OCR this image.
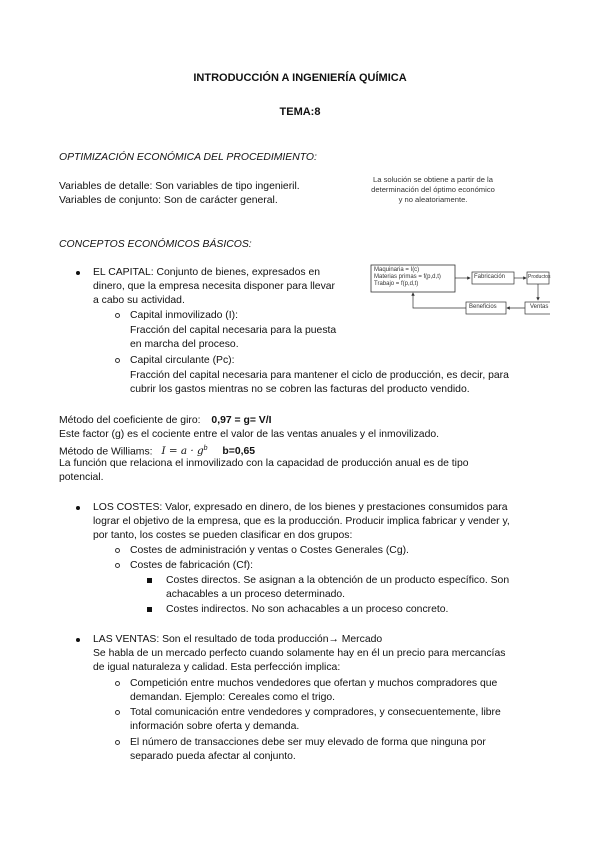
INTRODUCCIÓN A INGENIERÍA QUÍMICA
TEMA:8
OPTIMIZACIÓN ECONÓMICA DEL PROCEDIMIENTO:
Variables de detalle: Son variables de tipo ingenieril.
Variables de conjunto: Son de carácter general.
La solución se obtiene a partir de la
determinación del óptimo económico
y no aleatoriamente.
CONCEPTOS ECONÓMICOS BÁSICOS:
EL CAPITAL: Conjunto de bienes, expresados en
dinero, que la empresa necesita disponer para llevar
a cabo su actividad.
Capital inmovilizado (I):
Fracción del capital necesaria para la puesta
en marcha del proceso.
Capital circulante (Pc):
Fracción del capital necesaria para mantener el ciclo de producción, es decir, para
cubrir los gastos mientras no se cobren las facturas del producto vendido.
Maquinaria = I(c)
Materias primas = f(p,d,t)
Trabajo = f(p,d,t)
Fabricación	Productos
Beneficios	Ventas
Método del coeficiente de giro: 0,97 = g= V/I
Este factor (g) es el cociente entre el valor de las ventas anuales y el inmovilizado.
Método de Williams: $I = a \cdot g^b$ b=0,65
La función que relaciona el inmovilizado con la capacidad de producción anual es de tipo
potencial.
LOS COSTES: Valor, expresado en dinero, de los bienes y prestaciones consumidos para
lograr el objetivo de la empresa, que es la producción. Producir implica fabricar y vender y,
por tanto, los costes se pueden clasificar en dos grupos:
Costes de administración y ventas o Costes Generales (Cg).
Costes de fabricación (Cf):
Costes directos. Se asignan a la obtención de un producto específico. Son
achacables a un proceso determinado.
Costes indirectos. No son achacables a un proceso concreto.
LAS VENTAS: Son el resultado de toda producción→ Mercado
Se habla de un mercado perfecto cuando solamente hay en él un precio para mercancías
de igual naturaleza y calidad. Esta perfección implica:
Competición entre muchos vendedores que ofertan y muchos compradores que
demandan. Ejemplo: Cereales como el trigo.
Total comunicación entre vendedores y compradores, y consecuentemente, libre
información sobre oferta y demanda.
El número de transacciones debe ser muy elevado de forma que ninguna por
separado pueda afectar al conjunto.
